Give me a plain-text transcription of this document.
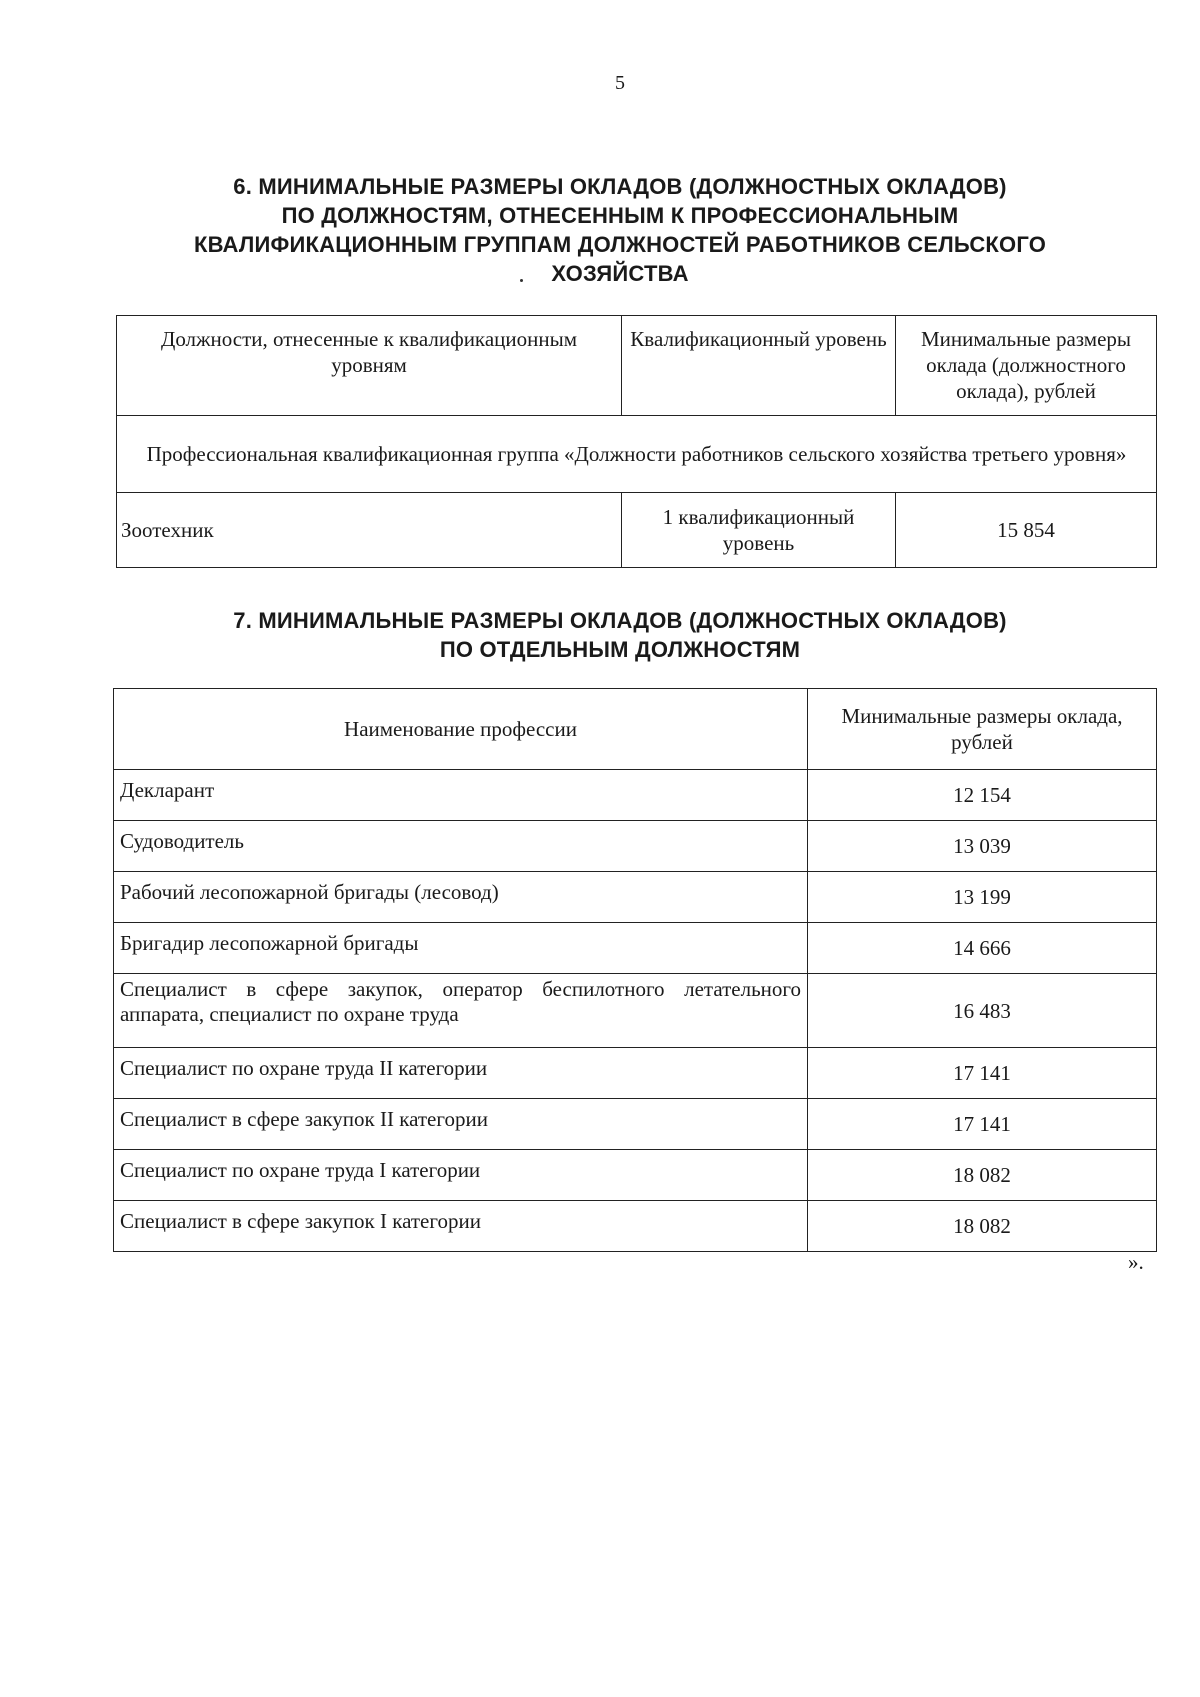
5
6. МИНИМАЛЬНЫЕ РАЗМЕРЫ ОКЛАДОВ (ДОЛЖНОСТНЫХ ОКЛАДОВ)
ПО ДОЛЖНОСТЯМ, ОТНЕСЕННЫМ К ПРОФЕССИОНАЛЬНЫМ
КВАЛИФИКАЦИОННЫМ ГРУППАМ ДОЛЖНОСТЕЙ РАБОТНИКОВ СЕЛЬСКОГО
ХОЗЯЙСТВА
Должности, отнесенные к квалификационным уровням	Квалификационный уровень	Минимальные размеры оклада (должностного оклада), рублей
Профессиональная квалификационная группа «Должности работников сельского хозяйства третьего уровня»		
Зоотехник	1 квалификационный уровень	15 854
7. МИНИМАЛЬНЫЕ РАЗМЕРЫ ОКЛАДОВ (ДОЛЖНОСТНЫХ ОКЛАДОВ)
ПО ОТДЕЛЬНЫМ ДОЛЖНОСТЯМ
Наименование профессии	Минимальные размеры оклада, рублей
Декларант	12 154
Судоводитель	13 039
Рабочий лесопожарной бригады (лесовод)	13 199
Бригадир лесопожарной бригады	14 666
Специалист в сфере закупок, оператор беспилотного летательного аппарата, специалист по охране труда	16 483
Специалист по охране труда II категории	17 141
Специалист в сфере закупок II категории	17 141
Специалист по охране труда I категории	18 082
Специалист в сфере закупок I категории	18 082
».
